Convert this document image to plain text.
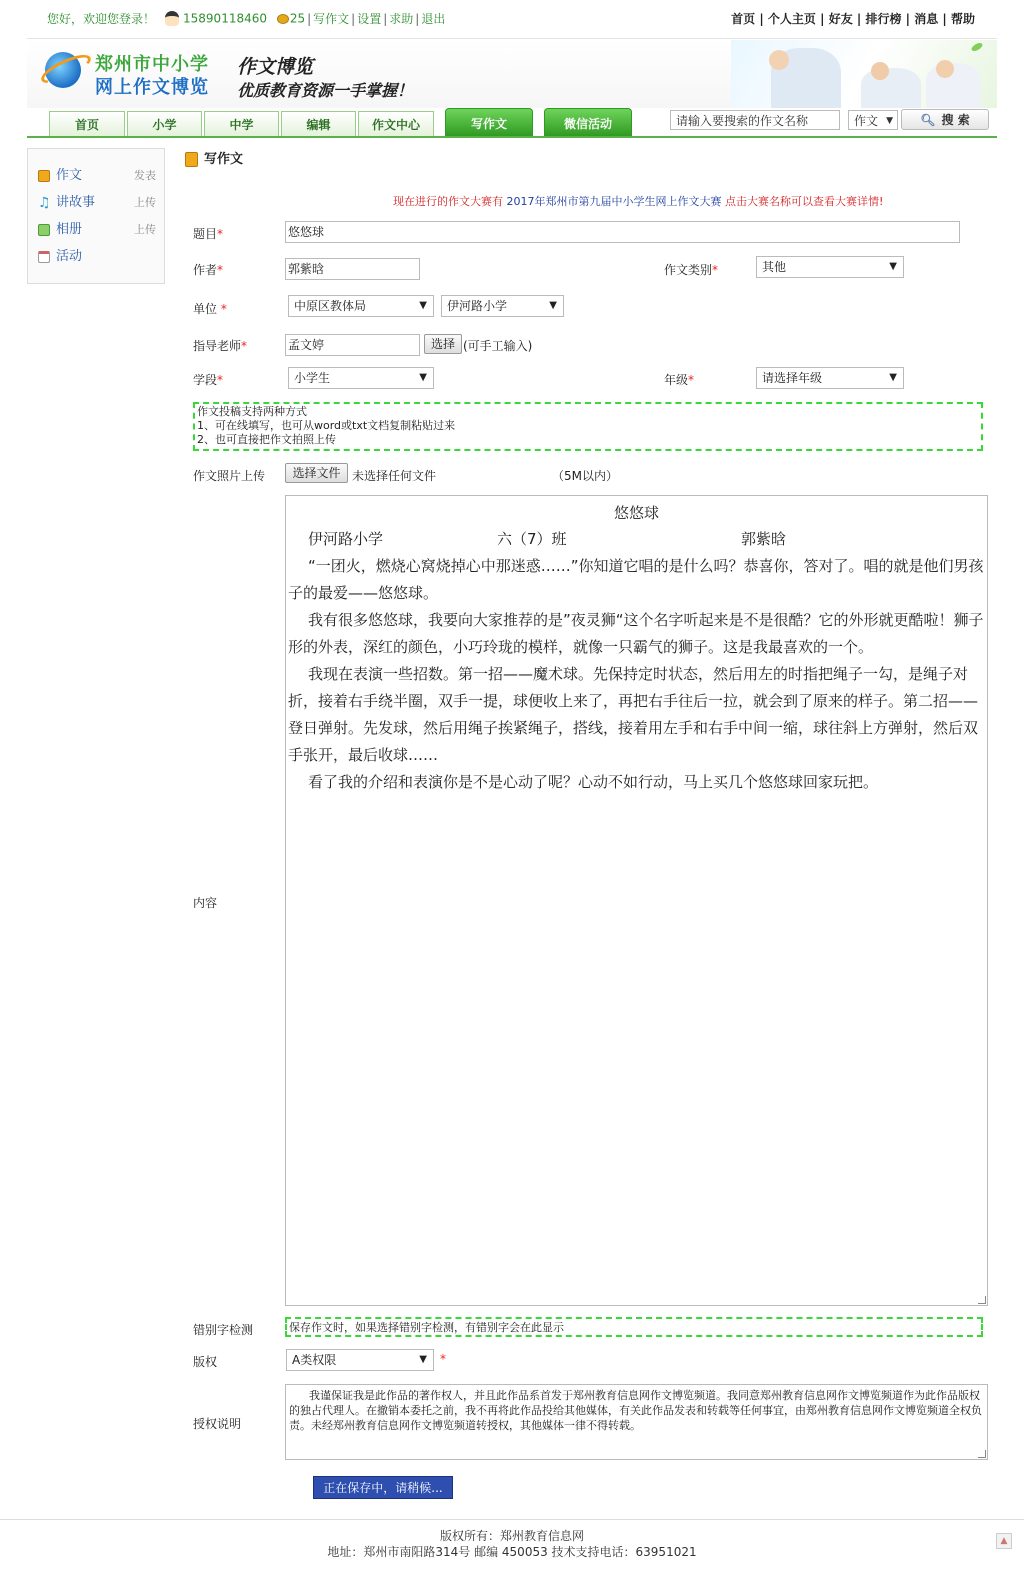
您好，欢迎您登录！ 15890118460 25 | 写作文 | 设置 | 求助 | 退出	首页 | 个人主页 | 好友 | 排行榜 | 消息 | 帮助
郑州市中小学
网上作文博览
作文博览
优质教育资源一手掌握！
首页	小学	中学	编辑	作文中心	写作文	微信活动	请输入要搜索的作文名称	作文 ▼	🔍︎ 搜 索
作文	发表
♫ 讲故事	上传
相册	上传
活动
写作文
现在进行的作文大赛有 2017年郑州市第九届中小学生网上作文大赛 点击大赛名称可以查看大赛详情!
题目*	悠悠球
作者*	郭紫晗	作文类别*	其他	▼
单位 *	中原区教体局	▼	伊河路小学	▼
指导老师*	孟文婷	选择 (可手工输入)
学段*	小学生	▼	年级*	请选择年级	▼
作文投稿支持两种方式
1、可在线填写，也可从word或txt文档复制粘贴过来
2、也可直接把作文拍照上传
作文照片上传	选择文件 未选择任何文件	（5M以内）
内容
悠悠球
伊河路小学	六（7）班	郭紫晗

“一团火，燃烧心窝烧掉心中那迷惑……”你知道它唱的是什么吗？恭喜你，答对了。唱的就是他们男孩子的最爱——悠悠球。

我有很多悠悠球，我要向大家推荐的是”夜灵狮“这个名字听起来是不是很酷？它的外形就更酷啦！狮子形的外表，深红的颜色，小巧玲珑的模样，就像一只霸气的狮子。这是我最喜欢的一个。

我现在表演一些招数。第一招——魔术球。先保持定时状态，然后用左的时指把绳子一勾，是绳子对折，接着右手绕半圈，双手一提，球便收上来了，再把右手往后一拉，就会到了原来的样子。第二招——登日弹射。先发球，然后用绳子挨紧绳子，搭线，接着用左手和右手中间一缩，球往斜上方弹射，然后双手张开，最后收球……

看了我的介绍和表演你是不是心动了呢？心动不如行动，马上买几个悠悠球回家玩把。

错别字检测	保存作文时，如果选择错别字检测，有错别字会在此显示
版权	A类权限	▼ *
授权说明
我谨保证我是此作品的著作权人，并且此作品系首发于郑州教育信息网作文博览频道。我同意郑州教育信息网作文博览频道作为此作品版权的独占代理人。在撤销本委托之前，我不再将此作品投给其他媒体，有关此作品发表和转载等任何事宜，由郑州教育信息网作文博览频道全权负责。未经郑州教育信息网作文博览频道转授权，其他媒体一律不得转载。
正在保存中，请稍候...
版权所有：郑州教育信息网
地址：郑州市南阳路314号 邮编 450053 技术支持电话：63951021
▲
